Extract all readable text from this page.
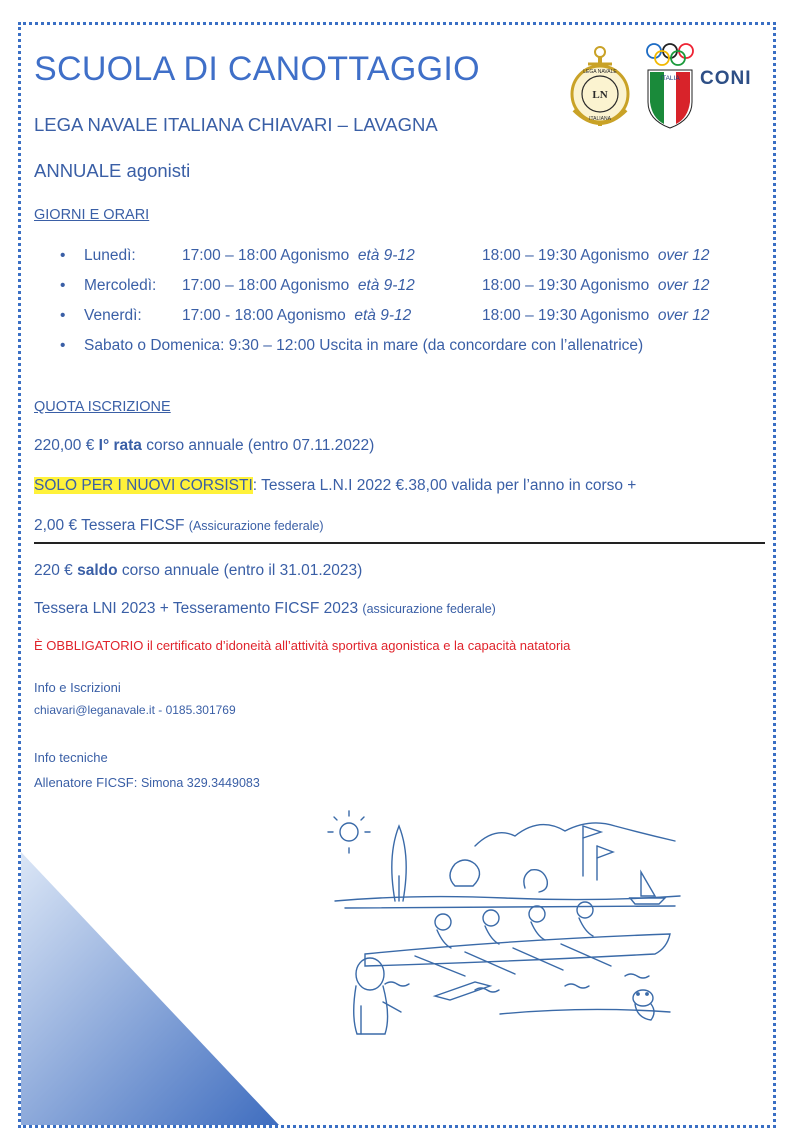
SCUOLA DI CANOTTAGGIO
LEGA NAVALE ITALIANA CHIAVARI – LAVAGNA
ANNUALE agonisti
LN
LEGA NAVALE
ITALIANA
ITALIA CONI
GIORNI E ORARI
• Lunedì:	17:00 – 18:00 Agonismo età 9-12	18:00 – 19:30 Agonismo over 12
• Mercoledì: 17:00 – 18:00 Agonismo età 9-12	18:00 – 19:30 Agonismo over 12
• Venerdì:	17:00 - 18:00 Agonismo età 9-12	18:00 – 19:30 Agonismo over 12
• Sabato o Domenica: 9:30 – 12:00 Uscita in mare (da concordare con l’allenatrice)
QUOTA ISCRIZIONE
220,00 € I° rata corso annuale (entro 07.11.2022)
SOLO PER I NUOVI CORSISTI: Tessera L.N.I 2022 €.38,00 valida per l’anno in corso +
2,00 € Tessera FICSF (Assicurazione federale)
220 € saldo corso annuale (entro il 31.01.2023)
Tessera LNI 2023 + Tesseramento FICSF 2023 (assicurazione federale)
È OBBLIGATORIO il certificato d’idoneità all’attività sportiva agonistica e la capacità natatoria
Info e Iscrizioni
chiavari@leganavale.it - 0185.301769
Info tecniche
Allenatore FICSF: Simona 329.3449083
